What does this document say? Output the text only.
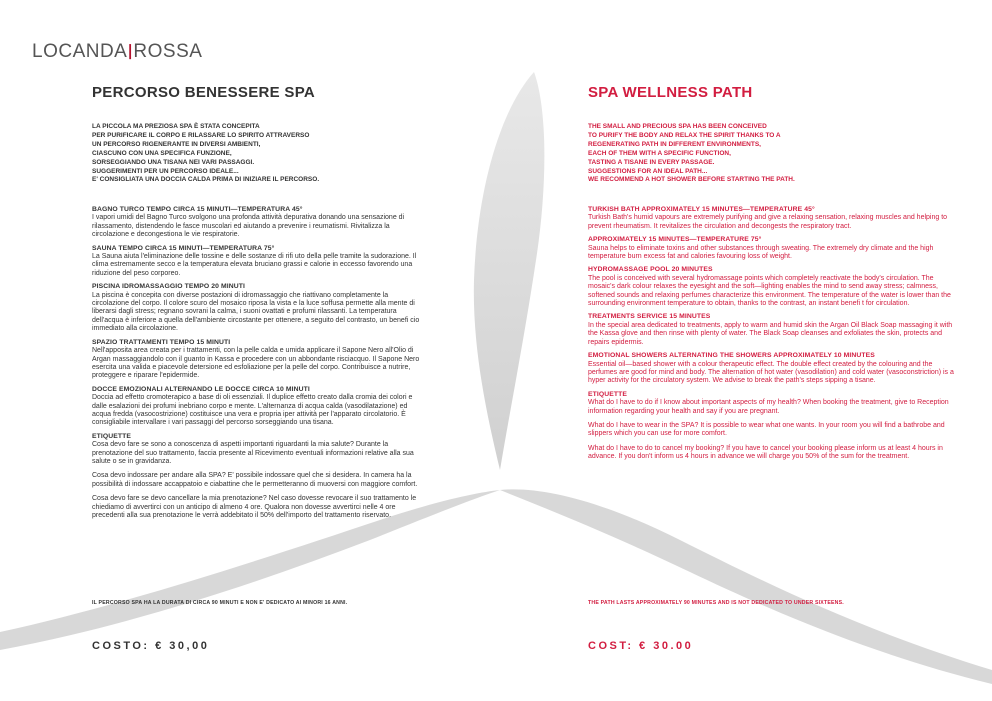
LOCANDAꞁROSSA
PERCORSO BENESSERE SPA
LA PICCOLA MA PREZIOSA SPA È STATA CONCEPITA
PER PURIFICARE IL CORPO E RILASSARE LO SPIRITO ATTRAVERSO
UN PERCORSO RIGENERANTE IN DIVERSI AMBIENTI,
CIASCUNO CON UNA SPECIFICA FUNZIONE,
SORSEGGIANDO UNA TISANA NEI VARI PASSAGGI.
SUGGERIMENTI PER UN PERCORSO IDEALE...
E' CONSIGLIATA UNA DOCCIA CALDA PRIMA DI INIZIARE IL PERCORSO.
BAGNO TURCO TEMPO CIRCA 15 MINUTI—TEMPERATURA 45°
I vapori umidi del Bagno Turco svolgono una profonda attività depurativa donando una sensazione di rilassamento, distendendo le fasce muscolari ed aiutando a prevenire i reumatismi. Rivitalizza la circolazione e decongestiona le vie respiratorie.
SAUNA TEMPO CIRCA 15 MINUTI—TEMPERATURA 75°
La Sauna aiuta l'eliminazione delle tossine e delle sostanze di rifi uto della pelle tramite la sudorazione. Il clima estremamente secco e la temperatura elevata bruciano grassi e calorie in eccesso favorendo una riduzione del peso corporeo.
PISCINA IDROMASSAGGIO TEMPO 20 MINUTI
La piscina è concepita con diverse postazioni di idromassaggio che riattivano completamente la circolazione del corpo. Il colore scuro del mosaico riposa la vista e la luce soffusa permette alla mente di liberarsi dagli stress; regnano sovrani la calma, i suoni ovattati e profumi rilassanti. La temperatura dell'acqua è inferiore a quella dell'ambiente circostante per ottenere, a seguito del contrasto, un benefi cio immediato alla circolazione.
SPAZIO TRATTAMENTI TEMPO 15 MINUTI
Nell'apposita area creata per i trattamenti, con la pelle calda e umida applicare il Sapone Nero all'Olio di Argan massaggiandolo con il guanto in Kassa e procedere con un abbondante risciacquo. Il Sapone Nero esercita una valida e piacevole detersione ed esfoliazione per la pelle del corpo. Contribuisce a nutrire, proteggere e riparare l'epidermide.
DOCCE EMOZIONALI ALTERNANDO LE DOCCE CIRCA 10 MINUTI
Doccia ad effetto cromoterapico a base di oli essenziali. Il duplice effetto creato dalla cromia dei colori e dalle esalazioni dei profumi inebriano corpo e mente. L'alternanza di acqua calda (vasodilatazione) ed acqua fredda (vasocostrizione) costituisce una vera e propria iper attività per l'apparato circolatorio. È consigliabile intervallare i vari passaggi del percorso sorseggiando una tisana.
ETIQUETTE
Cosa devo fare se sono a conoscenza di aspetti importanti riguardanti la mia salute? Durante la prenotazione del suo trattamento, faccia presente al Ricevimento eventuali informazioni relative alla sua salute o se in gravidanza.
Cosa devo indossare per andare alla SPA? E' possibile indossare quel che si desidera. In camera ha la possibilità di indossare accappatoio e ciabattine che le permetteranno di muoversi con maggiore comfort.
Cosa devo fare se devo cancellare la mia prenotazione? Nel caso dovesse revocare il suo trattamento le chiediamo di avvertirci con un anticipo di almeno 4 ore. Qualora non dovesse avvertirci nelle 4 ore precedenti alla sua prenotazione le verrà addebitato il 50% dell'importo del trattamento riservato.
IL PERCORSO SPA HA LA DURATA DI CIRCA 90 MINUTI E NON E' DEDICATO AI MINORI 16 ANNI.
COSTO: € 30,00
SPA WELLNESS PATH
THE SMALL AND PRECIOUS SPA HAS BEEN CONCEIVED
TO PURIFY THE BODY AND RELAX THE SPIRIT THANKS TO A
REGENERATING PATH IN DIFFERENT ENVIRONMENTS,
EACH OF THEM WITH A SPECIFIC FUNCTION,
TASTING A TISANE IN EVERY PASSAGE.
SUGGESTIONS FOR AN IDEAL PATH...
WE RECOMMEND A HOT SHOWER BEFORE STARTING THE PATH.
TURKISH BATH APPROXIMATELY 15 MINUTES—TEMPERATURE 45°
Turkish Bath's humid vapours are extremely purifying and give a relaxing sensation, relaxing muscles and helping to prevent rheumatism. It revitalizes the circulation and decongests the respiratory tract.
APPROXIMATELY 15 MINUTES—TEMPERATURE 75°
Sauna helps to eliminate toxins and other substances through sweating. The extremely dry climate and the high temperature burn excess fat and calories favouring loss of weight.
HYDROMASSAGE POOL 20 MINUTES
The pool is conceived with several hydromassage points which completely reactivate the body's circulation. The mosaic's dark colour relaxes the eyesight and the soft—lighting enables the mind to send away stress; calmness, softened sounds and relaxing perfumes characterize this environment. The temperature of the water is lower than the surrounding environment temperature to obtain, thanks to the contrast, an instant benefi t for circulation.
TREATMENTS SERVICE 15 MINUTES
In the special area dedicated to treatments, apply to warm and humid skin the Argan Oil Black Soap massaging it with the Kassa glove and then rinse with plenty of water. The Black Soap cleanses and exfoliates the skin, protects and repairs epidermis.
EMOTIONAL SHOWERS ALTERNATING THE SHOWERS APPROXIMATELY 10 MINUTES
Essential oil—based shower with a colour therapeutic effect. The double effect created by the colouring and the perfumes are good for mind and body. The alternation of hot water (vasodilation) and cold water (vasoconstriction) is a hyper activity for the circulatory system. We advise to break the path's steps sipping a tisane.
ETIQUETTE
What do I have to do if I know about important aspects of my health? When booking the treatment, give to Reception information regarding your health and say if you are pregnant.
What do I have to wear in the SPA? It is possible to wear what one wants. In your room you will find a bathrobe and slippers which you can use for more comfort.
What do I have to do to cancel my booking? If you have to cancel your booking please inform us at least 4 hours in advance. If you don't inform us 4 hours in advance we will charge you 50% of the sum for the treatment.
THE PATH LASTS APPROXIMATELY 90 MINUTES AND IS NOT DEDICATED TO UNDER SIXTEENS.
COST: € 30.00
